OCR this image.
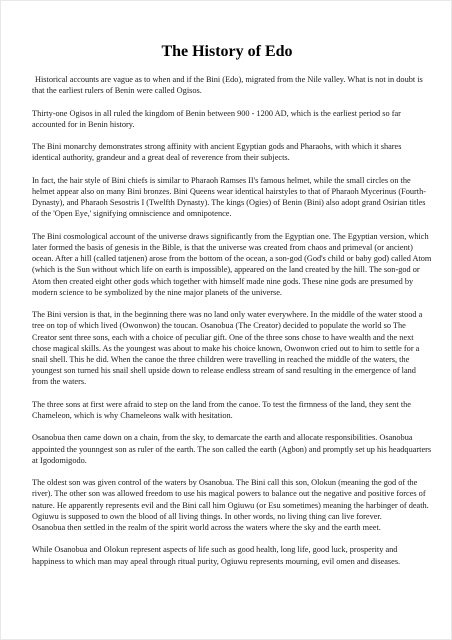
The History of Edo

Historical accounts are vague as to when and if the Bini (Edo), migrated from the Nile valley. What is not in doubt is that the earliest rulers of Benin were called Ogisos.

Thirty-one Ogisos in all ruled the kingdom of Benin between 900 - 1200 AD, which is the earliest period so far accounted for in Benin history.

The Bini monarchy demonstrates strong affinity with ancient Egyptian gods and Pharaohs, with which it shares identical authority, grandeur and a great deal of reverence from their subjects.

In fact, the hair style of Bini chiefs is similar to Pharaoh Ramses II's famous helmet, while the small circles on the helmet appear also on many Bini bronzes. Bini Queens wear identical hairstyles to that of Pharaoh Mycerinus (Fourth-Dynasty), and Pharaoh Sesostris I (Twelfth Dynasty). The kings (Ogies) of Benin (Bini) also adopt grand Osirian titles of the 'Open Eye,' signifying omniscience and omnipotence.

The Bini cosmological account of the universe draws significantly from the Egyptian one. The Egyptian version, which later formed the basis of genesis in the Bible, is that the universe was created from chaos and primeval (or ancient) ocean. After a hill (called tatjenen) arose from the bottom of the ocean, a son-god (God's child or baby god) called Atom (which is the Sun without which life on earth is impossible), appeared on the land created by the hill. The son-god or Atom then created eight other gods which together with himself made nine gods. These nine gods are presumed by modern science to be symbolized by the nine major planets of the universe.

The Bini version is that, in the beginning there was no land only water everywhere. In the middle of the water stood a tree on top of which lived (Owonwon) the toucan. Osanobua (The Creator) decided to populate the world so The Creator sent three sons, each with a choice of peculiar gift. One of the three sons chose to have wealth and the next chose magical skills. As the youngest was about to make his choice known, Owonwon cried out to him to settle for a snail shell. This he did. When the canoe the three children were travelling in reached the middle of the waters, the youngest son turned his snail shell upside down to release endless stream of sand resulting in the emergence of land from the waters.

The three sons at first were afraid to step on the land from the canoe. To test the firmness of the land, they sent the Chameleon, which is why Chameleons walk with hesitation.

Osanobua then came down on a chain, from the sky, to demarcate the earth and allocate responsibilities. Osanobua appointed the younngest son as ruler of the earth. The son called the earth (Agbon) and promptly set up his headquarters at Igodomigodo.

The oldest son was given control of the waters by Osanobua. The Bini call this son, Olokun (meaning the god of the river). The other son was allowed freedom to use his magical powers to balance out the negative and positive forces of nature. He apparently represents evil and the Bini call him Ogiuwu (or Esu sometimes) meaning the harbinger of death. Ogiuwu is supposed to own the blood of all living things. In other words, no living thing can live forever.
Osanobua then settled in the realm of the spirit world across the waters where the sky and the earth meet.

While Osanobua and Olokun represent aspects of life such as good health, long life, good luck, prosperity and happiness to which man may apeal through ritual purity, Ogiuwu represents mourning, evil omen and diseases.
